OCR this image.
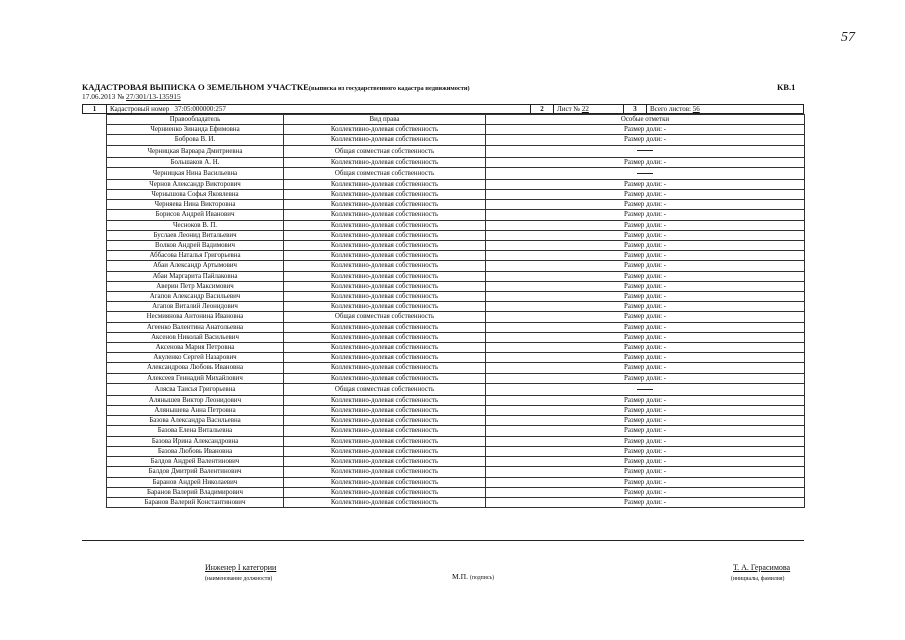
57
КАДАСТРОВАЯ ВЫПИСКА О ЗЕМЕЛЬНОМ УЧАСТКЕ(выписка из государственного кадастра недвижимости)	КВ.1
17.06.2013 № 27/301/13-135915
1	Кадастровый номер 37:05:000000:257	2	Лист № 22	3	Всего листов: 56
Правообладатель	Вид права	Особые отметки
Черниенко Зинаида Ефимовна	Коллективно-долевая собственность	Размер доли: -
Боброва В. И.	Коллективно-долевая собственность	Размер доли: -
Черницкая Варвара Дмитриевна	Общая совместная собственность	
Большаков А. Н.	Коллективно-долевая собственность	Размер доли: -
Черницкая Нина Васильевна	Общая совместная собственность	
Чернов Александр Викторович	Коллективно-долевая собственность	Размер доли: -
Чернышова Софья Яковлевна	Коллективно-долевая собственность	Размер доли: -
Черняева Нина Викторовна	Коллективно-долевая собственность	Размер доли: -
Борисов Андрей Иванович	Коллективно-долевая собственность	Размер доли: -
Чесноков В. П.	Коллективно-долевая собственность	Размер доли: -
Буслаев Леонид Витальевич	Коллективно-долевая собственность	Размер доли: -
Волков Андрей Вадимович	Коллективно-долевая собственность	Размер доли: -
Аббасова Наталья Григорьевна	Коллективно-долевая собственность	Размер доли: -
Абаи Александр Артымович	Коллективно-долевая собственность	Размер доли: -
Абаи Маргарита Пайлаковна	Коллективно-долевая собственность	Размер доли: -
Аверин Петр Максимович	Коллективно-долевая собственность	Размер доли: -
Агапов Александр Васильевич	Коллективно-долевая собственность	Размер доли: -
Агапов Виталий Леонидович	Коллективно-долевая собственность	Размер доли: -
Несмиянова Антонина Ивановна	Общая совместная собственность	Размер доли: -
Агеенко Валентина Анатольевна	Коллективно-долевая собственность	Размер доли: -
Аксенов Николай Васильевич	Коллективно-долевая собственность	Размер доли: -
Аксенова Мария Петровна	Коллективно-долевая собственность	Размер доли: -
Акуленко Сергей Назарович	Коллективно-долевая собственность	Размер доли: -
Александрова Любовь Ивановна	Коллективно-долевая собственность	Размер доли: -
Алексеев Геннадий Михайлович	Коллективно-долевая собственность	Размер доли: -
Алясва Таисья Григорьевна	Общая совместная собственность	
Алянышев Виктор Леонидович	Коллективно-долевая собственность	Размер доли: -
Алянышева Анна Петровна	Коллективно-долевая собственность	Размер доли: -
Базова Александра Васильевна	Коллективно-долевая собственность	Размер доли: -
Базова Елена Витальевна	Коллективно-долевая собственность	Размер доли: -
Базова Ирина Александровна	Коллективно-долевая собственность	Размер доли: -
Базова Любовь Ивановна	Коллективно-долевая собственность	Размер доли: -
Балдов Андрей Валентинович	Коллективно-долевая собственность	Размер доли: -
Балдов Дмитрий Валентинович	Коллективно-долевая собственность	Размер доли: -
Баранов Андрей Николаевич	Коллективно-долевая собственность	Размер доли: -
Баранов Валерий Владимирович	Коллективно-долевая собственность	Размер доли: -
Баранов Валерий Константинович	Коллективно-долевая собственность	Размер доли: -
Инженер I категории
(наименование должности)	М.П. (подпись)
Т. А. Герасимова
(инициалы, фамилия)
